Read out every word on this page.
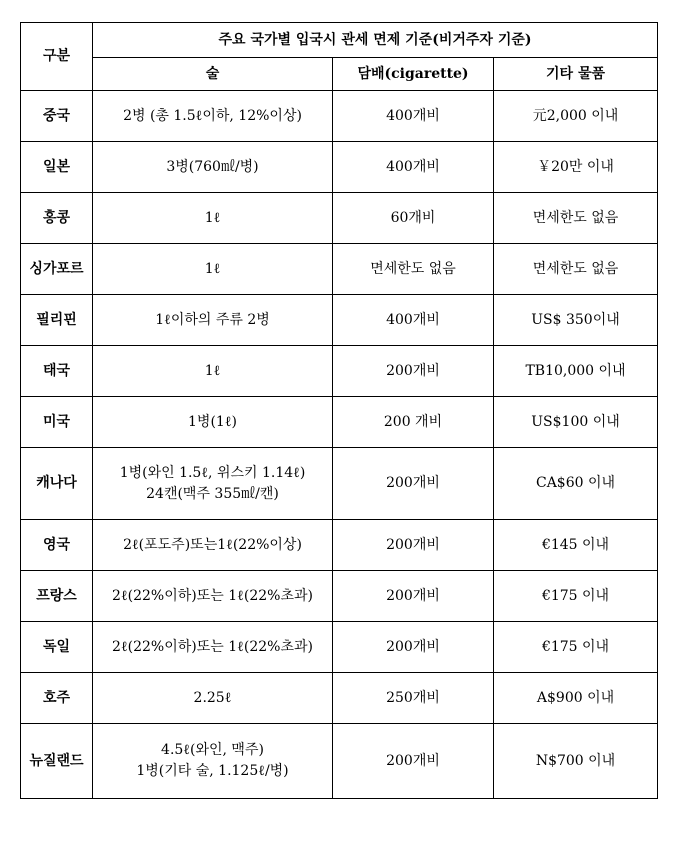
구분	주요 국가별 입국시 관세 면제 기준(비거주자 기준)		
	술	담배(cigarette)	기타 물품
중국	2병 (총 1.5ℓ이하, 12%이상)	400개비	元2,000 이내
일본	3병(760㎖/병)	400개비	￥20만 이내
홍콩	1ℓ	60개비	면세한도 없음
싱가포르	1ℓ	면세한도 없음	면세한도 없음
필리핀	1ℓ이하의 주류 2병	400개비	US$ 350이내
태국	1ℓ	200개비	TB10,000 이내
미국	1병(1ℓ)	200 개비	US$100 이내
캐나다	1병(와인 1.5ℓ, 위스키 1.14ℓ)
24캔(맥주 355㎖/캔)	200개비	CA$60 이내
영국	2ℓ(포도주)또는1ℓ(22%이상)	200개비	€145 이내
프랑스	2ℓ(22%이하)또는 1ℓ(22%초과)	200개비	€175 이내
독일	2ℓ(22%이하)또는 1ℓ(22%초과)	200개비	€175 이내
호주	2.25ℓ	250개비	A$900 이내
뉴질랜드	4.5ℓ(와인, 맥주)
1병(기타 술, 1.125ℓ/병)	200개비	N$700 이내
